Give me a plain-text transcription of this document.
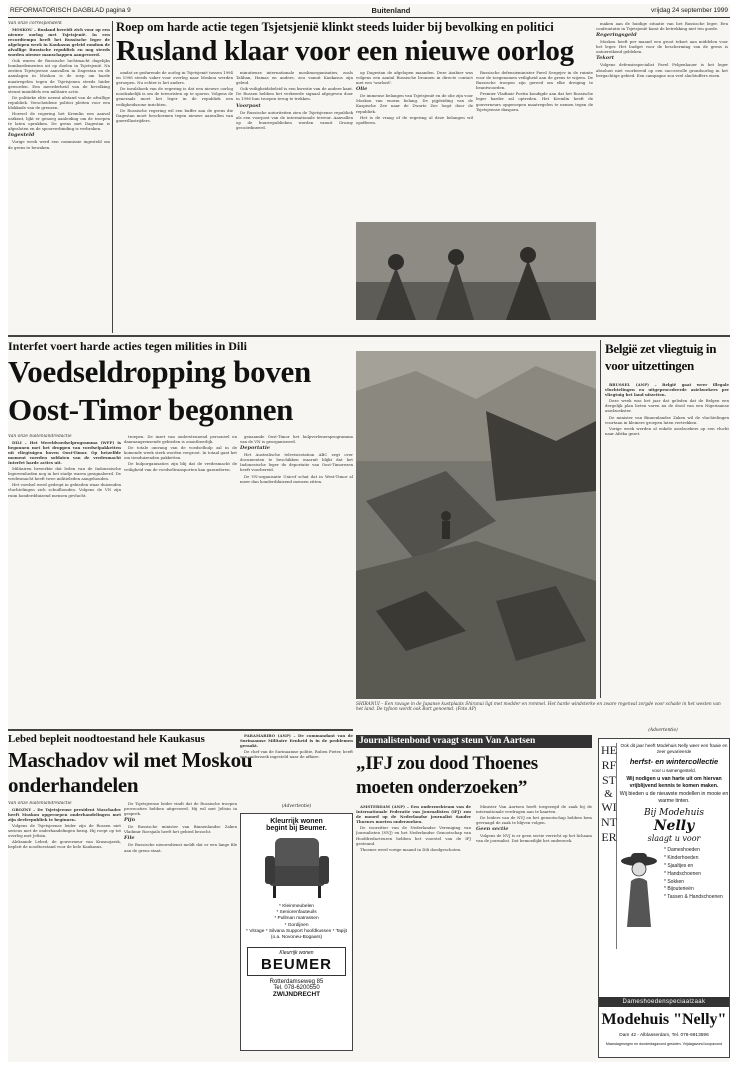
REFORMATORISCH DAGBLAD pagina 9	Buitenland	vrijdag 24 september 1999
Van onze correspondent

MOSKOU – Rusland bereidt zich voor op een nieuwe oorlog met Tsjetsjenië. In een recordtempo heeft het Russische leger de afgelopen week in Kaukasus geleid rondom de afvallige Russische republiek en nog steeds worden nieuwe manschappen aangevoerd.

Ook waren de Russische luchtmacht dagelijks bombardementen uit op doelen in Tsjetsjenië. Na zestien Tsjetsjeense aanvallen in Dagestan en de aanslagen in Moskou is de roep om harde maatregelen tegen de Tsjetsjenen steeds luider geworden. Een meerderheid van de bevolking steunt inmiddels een militaire actie.

De politieke elite neemt afstand van de afvallige republiek. Verscheidene politici pleiten voor een blokkade van de grenzen.

Hoewel de regering het Kremlin een aanval ontkent, lijkt er genoeg aanleiding om de troepen te laten oprukken. De grens met Dagestan is afgesloten en de spoorverbinding is verbroken.

Ingesteld

Vorige week werd een commissie ingesteld om de grens te bewaken.

Roep om harde actie tegen Tsjetsjenië klinkt steeds luider bij bevolking en politici
Rusland klaar voor een nieuwe oorlog

omdat ze gedurende de oorlog in Tsjetsjenië tussen 1994 en 1996 steeds vaker voor overleg naar Moskou werden geroepen. Nu echter is het anders.

De invalshoek van de regering is dat een nieuwe oorlog noodzakelijk is om de terroristen op te sporen. Volgens de generaals moet het leger in de republiek een veiligheidszone inrichten.

De Russische regering wil een buffer aan de grens die Dagestan moet beschermen tegen nieuwe aanvallen van guerrillastrijders.

minutieuze internationale moslimorganisaties, zoals Taliban, Hamas en andere, zou vanuit Kaukasus zijn geleid.

Ook veiligheidsbeleid is een kwestie van de andere kant. De Russen hebben het verkeerde signaal afgegeven door in 1996 hun troepen terug te trekken.

Voorpost

De Russische autoriteiten zien de Tsjetsjeense republiek als een voorpost van de internationale terreur. Aanvallen op de buurrepublieken worden vanuit Grozny gecoördineerd.

op Dagestan de afgelopen maanden. Deze Arabier was volgens een aantal Russische bronnen in directe contact met een 'warlord'.

Olie

De immense belangen van Tsjetsjenië en de olie zijn voor Moskou van enorm belang. De pijpleiding van de Kaspische Zee naar de Zwarte Zee loopt door de republiek.

Het is de vraag of de regering al deze belangen wil opofferen.

Russische defensieminister Pavel Sergejev in de ruimte voor de toegenomen veiligheid aan de grens te wijzen. De Russische troepen zijn gereed om elke dreiging te beantwoorden.

Premier Vladimir Poetin kondigde aan dat het Russische leger harder zal optreden. Het Kremlin heeft de gouverneurs opgeroepen maatregelen te nemen tegen de Tsjetsjeense diaspora.

maken aan de huidige situatie van het Russische leger. Een confrontatie in Tsjetsjenië komt de betrekking niet ten goede.

Regeringsgeld

Moskou heeft per maand een groot tekort aan middelen voor het leger. Het budget voor de bescherming van de grens is ontoereikend gebleken.

Tekort

Volgens defensiespecialist Pavel Felgenhauer is het leger absoluut niet voorbereid op een succesvolle grondoorlog in het bergachtige gebied. Een campagne zou veel slachtoffers eisen.

Interfet voert harde acties tegen milities in Dili
Voedseldropping boven Oost-Timor begonnen
Van onze buitenlandredactie

DILI – Het Wereldvoedselprogramma (WFP) is begonnen met het droppen van voedselpakketten uit vliegtuigen boven Oost-Timor. Op hetzelfde moment voerden soldaten van de vredesmacht Interfet harde acties uit.

Militairen bewerkte dat leden van de Indonesische legereenheden nog in het stadje waren gesignaleerd. De vredesmacht heeft twee militieleden aangehouden.

Het voedsel werd gedropt in gebieden waar duizenden vluchtelingen zich schuilhouden. Volgens de VN zijn ruim honderdduizend mensen gevlucht.

troepen. De inzet van ondersteunend personeel en daaraangrensende gebieden is onontbeerlijk.

De totale omvang van de voedselhulp zal in de komende week sterk worden vergroot. In totaal gaat het om tienduizenden pakketten.

De hulporganisaties zijn blij dat de vredesmacht de veiligheid van de voedseltransporten kan garanderen.

genaamde Oost-Timor het hulpverlenersprogramma van de VN is georganiseerd.

Deportatie

Het Australische televisiestation ABC zegt over documenten te beschikken waaruit blijkt dat het Indonesische leger de deportatie van Oost-Timorezen heeft voorbereid.

De VN-organisatie Unicef schat dat in West-Timor al meer dan honderdduizend mensen zitten.

SHIRANUI – Een ravage in de Japanse kustplaats Shiranui ligt met modder en rommel. Het harde windsterke en zware regenval zorgde voor schade in het westen van het land. De tyfoon wordt ook Bart genoemd. (Foto AP)
België zet vliegtuig in voor uitzettingen

BRUSSEL (ANP) – België gaat weer illegale vluchtelingen en uitgeprocedeerde asielzoekers per vliegtuig het land uitzetten.

Deze week was het jaar dat geleden dat de Belgen een dergelijk plan lieten varen na de dood van een Nigeriaanse asielzoekster.

De minister van Binnenlandse Zaken wil de vluchtelingen voortaan in kleinere groepen laten vertrekken.

Vorige week werden al enkele asielzoekers op een vlucht naar Afrika gezet.

Lebed bepleit noodtoestand hele Kaukasus
Maschadov wil met Moskou onderhandelen
Van onze buitenlandredactie

GROZNY – De Tsjetsjeense president Maschadov heeft Moskou opgeroepen onderhandelingen met zijn deelrepubliek te beginnen.

Volgens de Tsjetsjeense leider zijn de Russen niet serieus met de onderhandelingen bezig. Hij roept op tot overleg met Jeltsin.

Aleksandr Lebed, de gouverneur van Krasnojarsk, bepleit de noodtoestand voor de hele Kaukasus.

De Tsjetsjeense leider vindt dat de Russische troepen provocaties hebben uitgevoerd. Hij wil met Jeltsin in gesprek.

Pijn

De Russische minister van Binnenlandse Zaken Vladimir Roesjailo heeft het gebied bezocht.

File

De Russische nieuwsdienst meldt dat er een lange file aan de grens staat.

PARAMARIBO (ANP) – De commandant van de Surinaamse Militaire Eenheid is in de problemen geraakt.

De chef van de Surinaamse politie, Ruben Pieter, heeft een onderzoek ingesteld naar de affaire.

(Advertentie)
Kleurrijk wonen
begint bij Beumer.
* Kleinmeubelen
* Seniorenfauteuils
* Pullman matrassen
* Gordijnen
* Vitrage * Silvana Support hoofdkussen * Tapijt
(o.a. Novoneu-Bogaars)
Kleurrijk wonen
BEUMER
Rotterdamseweg 85
Tel. 078-6200550
ZWIJNDRECHT
Journalistenbond vraagt steun Van Aartsen
„IFJ zou dood Thoenes moeten onderzoeken”

AMSTERDAM (ANP) – Een onderzoekteam van de Internationale Federatie van Journalisten (IFJ) zou de moord op de Nederlandse journalist Sander Thoenes moeten onderzoeken.

De voorzitter van de Nederlandse Vereniging van Journalisten (NVJ) en het Nederlandse Genootschap van Hoofdredacteuren hebben het voorstel van de IFJ gesteund.

Thoenes werd vorige maand in Dili doodgeschoten.

Minister Van Aartsen heeft toegezegd de zaak bij de internationale verdragen aan te kaarten.

De leiders van de NVJ en het genootschap hebben hem gevraagd de zaak te blijven volgen.

Geen sectie

Volgens de NVJ is er geen sectie verricht op het lichaam van de journalist. Dat bemoeilijkt het onderzoek.

(Advertentie)
HERFST
&
WINTER
Ook dit jaar heeft Modehuis Nelly weer een fraaie en zeer gevarieerde
herfst- en wintercollectie
voor u samengesteld.
Wij nodigen u van harte uit om hiervan vrijblijvend kennis te komen maken.
Wij bieden u de nieuwste modellen in mooie en warme tinten.
Bij Modehuis
Nelly
slaagt u voor
* Dameshoeden
* Kinderhoeden
* Sjaaltjes en
* Handschoenen
* Sokken
* Bijouterieën
* Tassen & Handschoenen
Dameshoedenspeciaalzaak
Modehuis "Nelly"
Dam 42 - Alblasserdam, Tel. 078-6913596
Maandagmorgen en donderdagavond gesloten. Vrijdagavond koopavond
